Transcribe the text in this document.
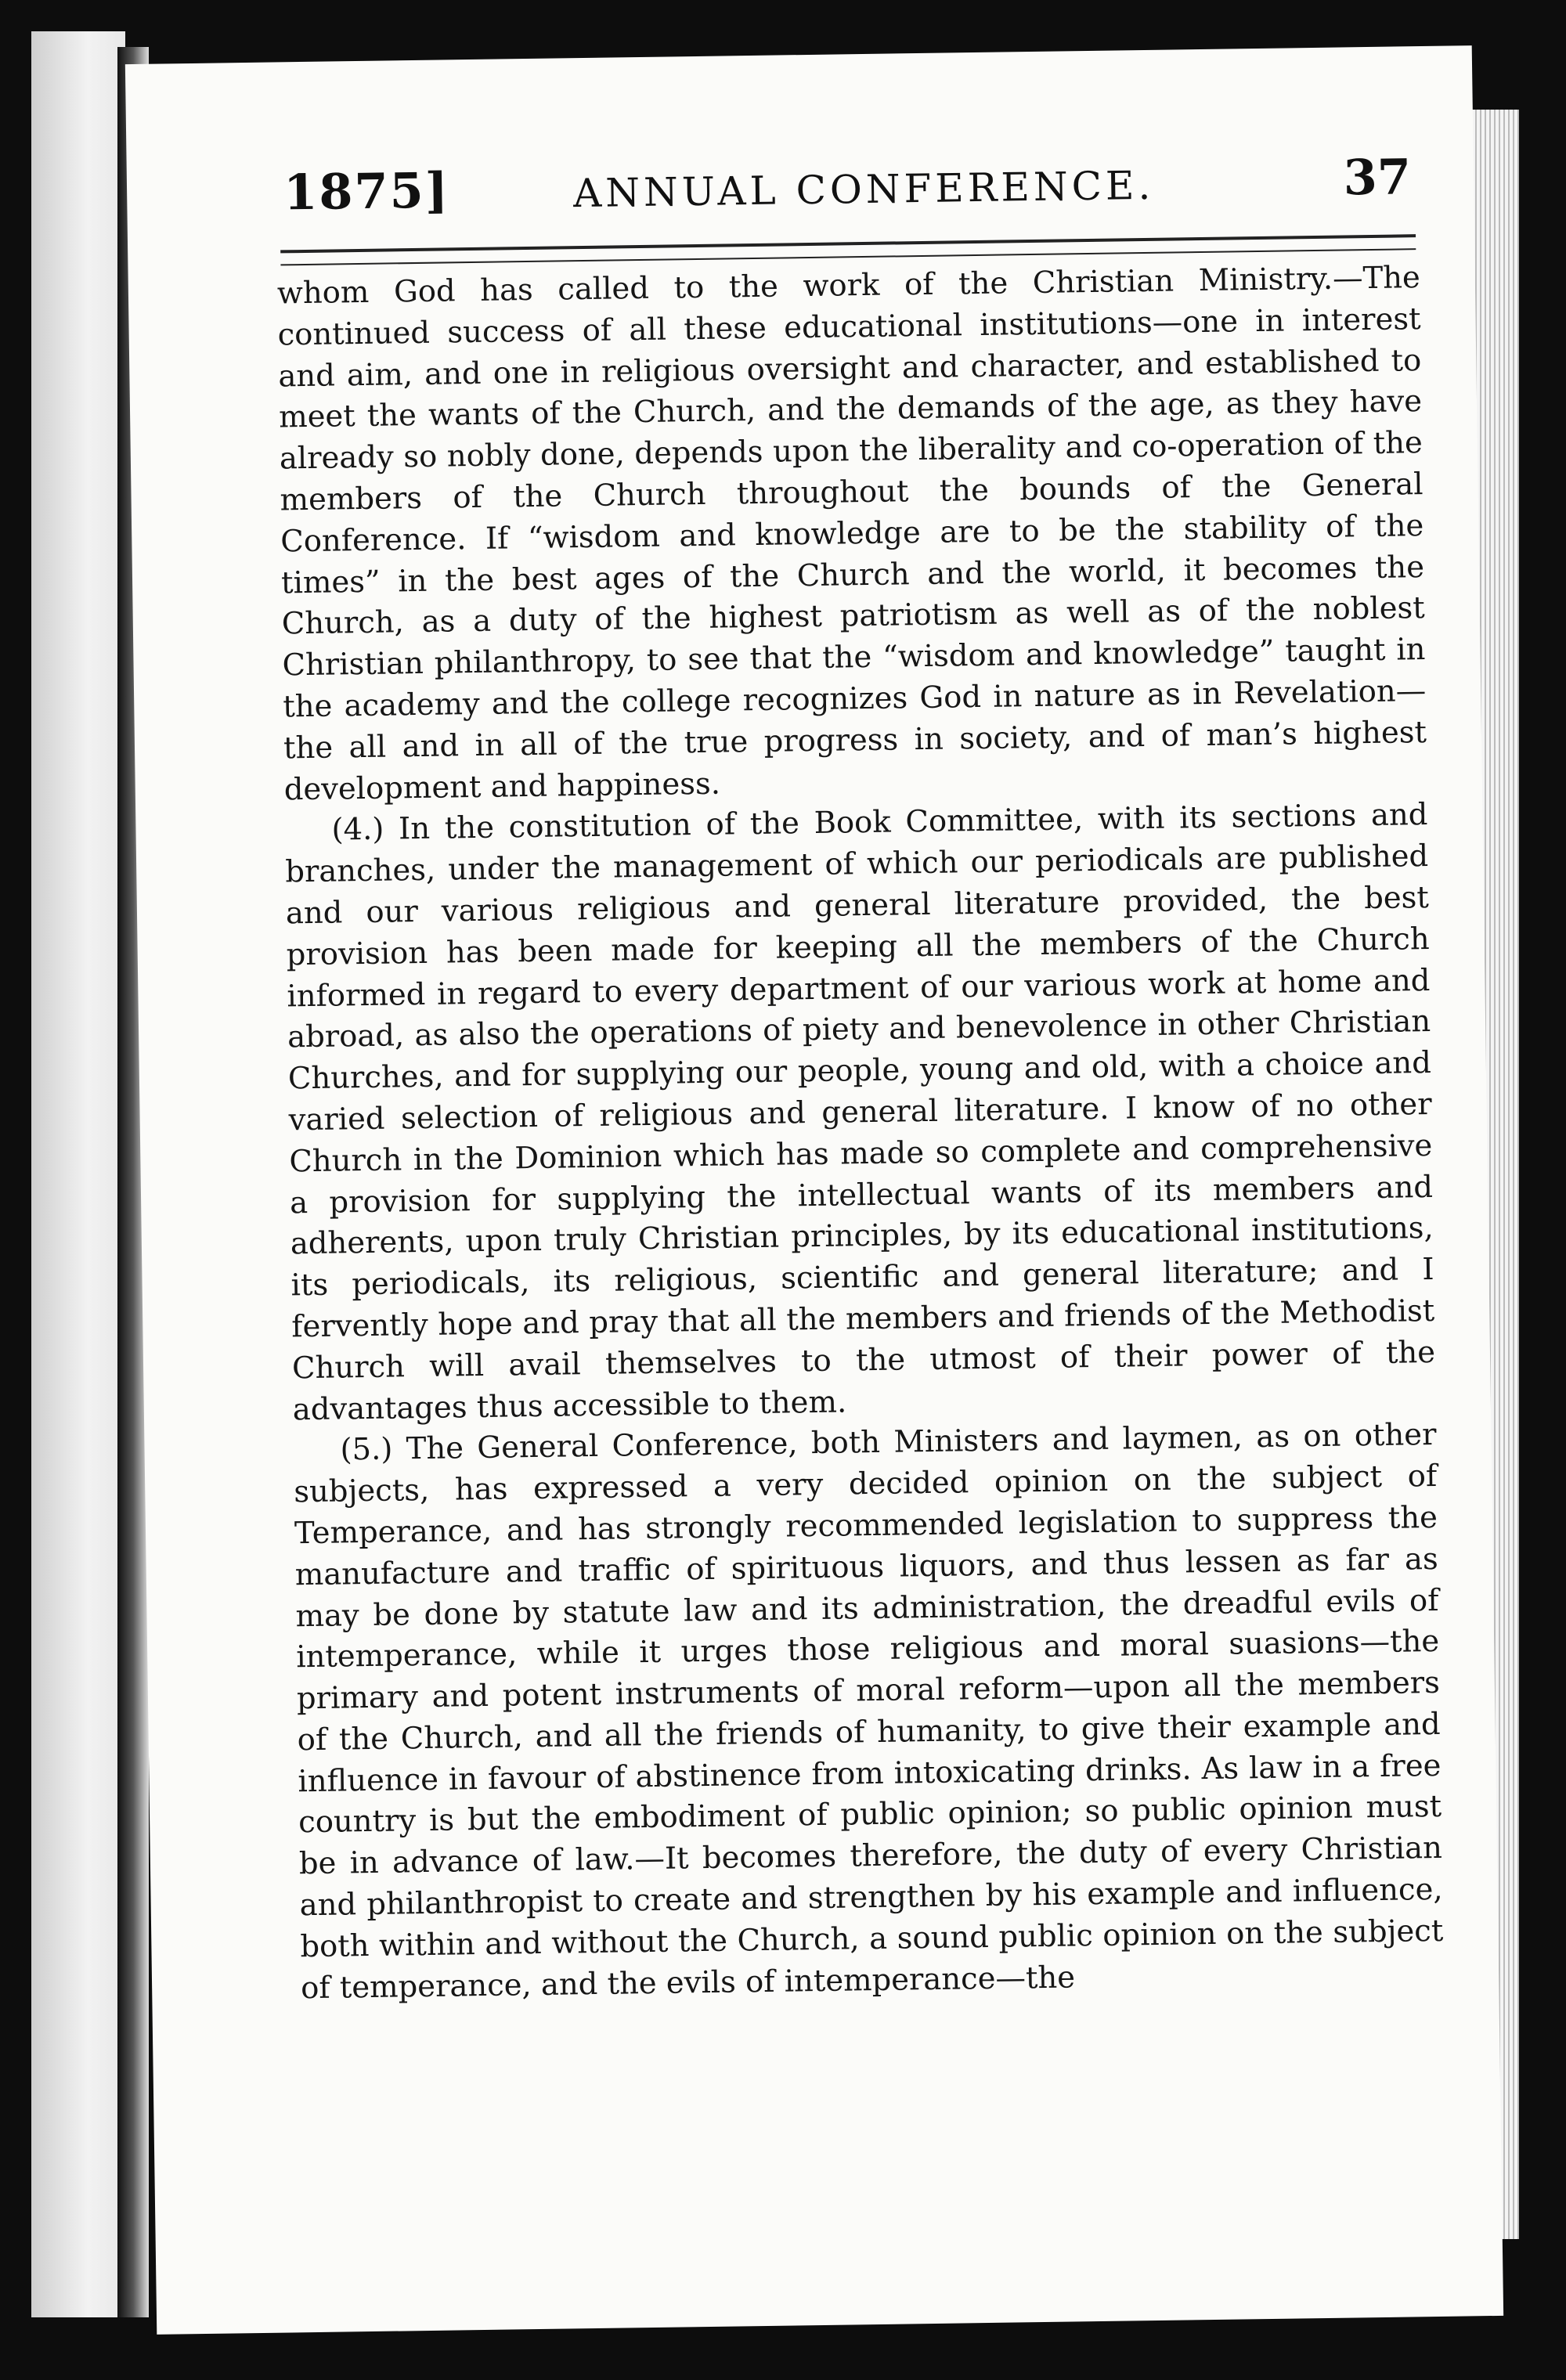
1875]	ANNUAL CONFERENCE.	37

whom God has called to the work of the Christian Ministry.—The continued success of all these educational institutions—one in interest and aim, and one in religious oversight and character, and established to meet the wants of the Church, and the demands of the age, as they have already so nobly done, depends upon the liberality and co-operation of the members of the Church throughout the bounds of the General Conference. If “wisdom and knowledge are to be the stability of the times” in the best ages of the Church and the world, it becomes the Church, as a duty of the highest patriotism as well as of the noblest Christian philanthropy, to see that the “wisdom and knowledge” taught in the academy and the college recognizes God in nature as in Revelation—the all and in all of the true progress in society, and of man’s highest development and happiness.

(4.) In the constitution of the Book Committee, with its sections and branches, under the management of which our periodicals are published and our various religious and general literature provided, the best provision has been made for keeping all the members of the Church informed in regard to every department of our various work at home and abroad, as also the operations of piety and benevolence in other Christian Churches, and for supplying our people, young and old, with a choice and varied selection of religious and general literature. I know of no other Church in the Dominion which has made so complete and comprehensive a provision for supplying the intellectual wants of its members and adherents, upon truly Christian principles, by its educational institutions, its periodicals, its religious, scientific and general literature; and I fervently hope and pray that all the members and friends of the Methodist Church will avail themselves to the utmost of their power of the advantages thus accessible to them.

(5.) The General Conference, both Ministers and laymen, as on other subjects, has expressed a very decided opinion on the subject of Temperance, and has strongly recommended legislation to suppress the manufacture and traffic of spirituous liquors, and thus lessen as far as may be done by statute law and its administration, the dreadful evils of intemperance, while it urges those religious and moral suasions—the primary and potent instruments of moral reform—upon all the members of the Church, and all the friends of humanity, to give their example and influence in favour of abstinence from intoxicating drinks. As law in a free country is but the embodiment of public opinion; so public opinion must be in advance of law.—It becomes therefore, the duty of every Christian and philanthropist to create and strengthen by his example and influence, both within and without the Church, a sound public opinion on the subject of temperance, and the evils of intemperance—the
